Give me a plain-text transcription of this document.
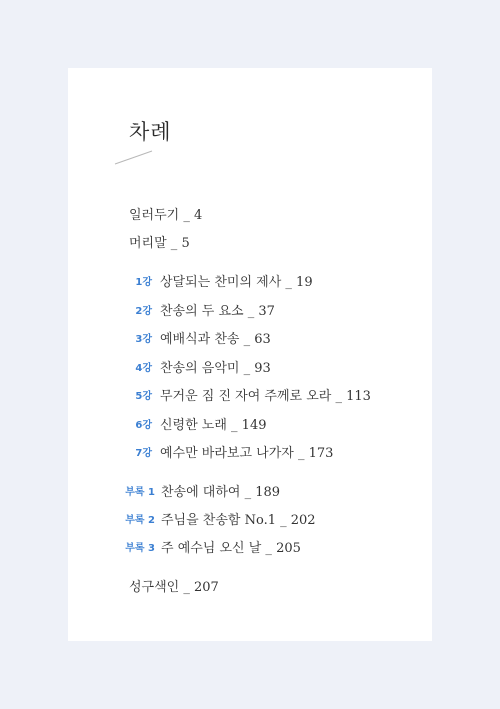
차례
일러두기 _ 4
머리말 _ 5
1강 상달되는 찬미의 제사 _ 19
2강 찬송의 두 요소 _ 37
3강 예배식과 찬송 _ 63
4강 찬송의 음악미 _ 93
5강 무거운 짐 진 자여 주께로 오라 _ 113
6강 신령한 노래 _ 149
7강 예수만 바라보고 나가자 _ 173
부록 1 찬송에 대하여 _ 189
부록 2 주님을 찬송함 No.1 _ 202
부록 3 주 예수님 오신 날 _ 205
성구색인 _ 207
